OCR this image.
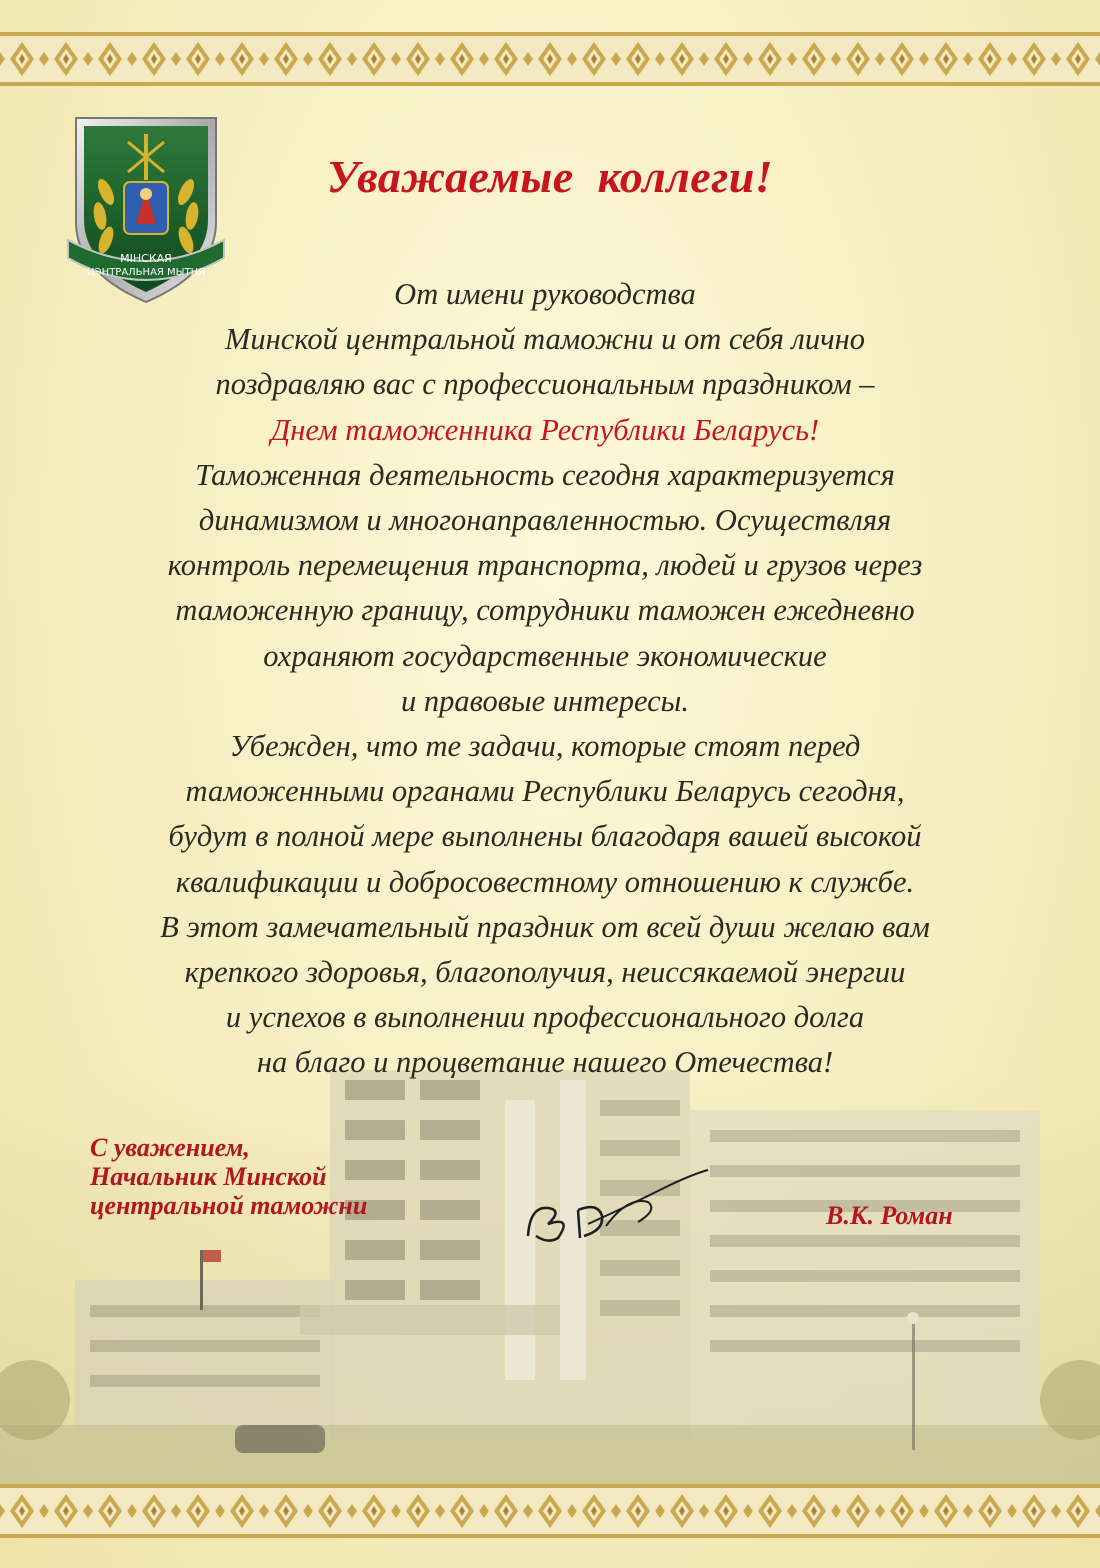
МІНСКАЯ
ЦЭНТРАЛЬНАЯ МЫТНЯ
Уважаемые  коллеги!

От имени руководства

Минской центральной таможни и от себя лично

поздравляю вас с профессиональным праздником –

Днем таможенника Республики Беларусь!

Таможенная деятельность сегодня характеризуется

динамизмом и многонаправленностью. Осуществляя

контроль перемещения транспорта, людей и грузов через

таможенную границу, сотрудники таможен ежедневно

охраняют государственные экономические

и правовые интересы.

Убежден, что те задачи, которые стоят перед

таможенными органами Республики Беларусь сегодня,

будут в полной мере выполнены благодаря вашей высокой

квалификации и добросовестному отношению к службе.

В этот замечательный праздник от всей души желаю вам

крепкого здоровья, благополучия, неиссякаемой энергии

и успехов в выполнении профессионального долга

на благо и процветание нашего Отечества!

С уважением,

Начальник Минской

центральной таможни	В.К. Роман
